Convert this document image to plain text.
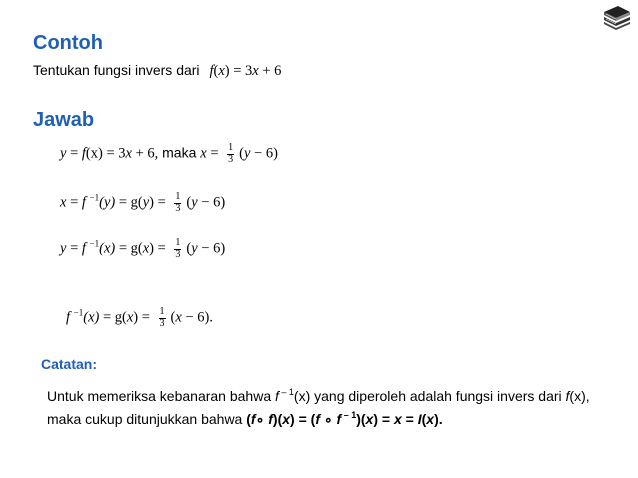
Contoh
Tentukan fungsi invers dari f(x) = 3x + 6
Jawab
y = f(x) = 3x + 6, maka $x = \frac{1}{3} (y - 6)$
x = f $^{-1}(y) = g(y) = \frac{1}{3} (y - 6)$
y = f $^{-1}(x) = g(x) = \frac{1}{3} (y - 6)$
f $^{-1}(x) = g(x) = \frac{1}{3} (x - 6)$.
Catatan:
Untuk memeriksa kebanaran bahwa f $^{- 1}$(x) yang diperoleh adalah fungsi invers dari f(x), maka cukup ditunjukkan bahwa (f∘ f)(x) = (f ∘ f $^{- 1}$)(x) = x = I(x).
